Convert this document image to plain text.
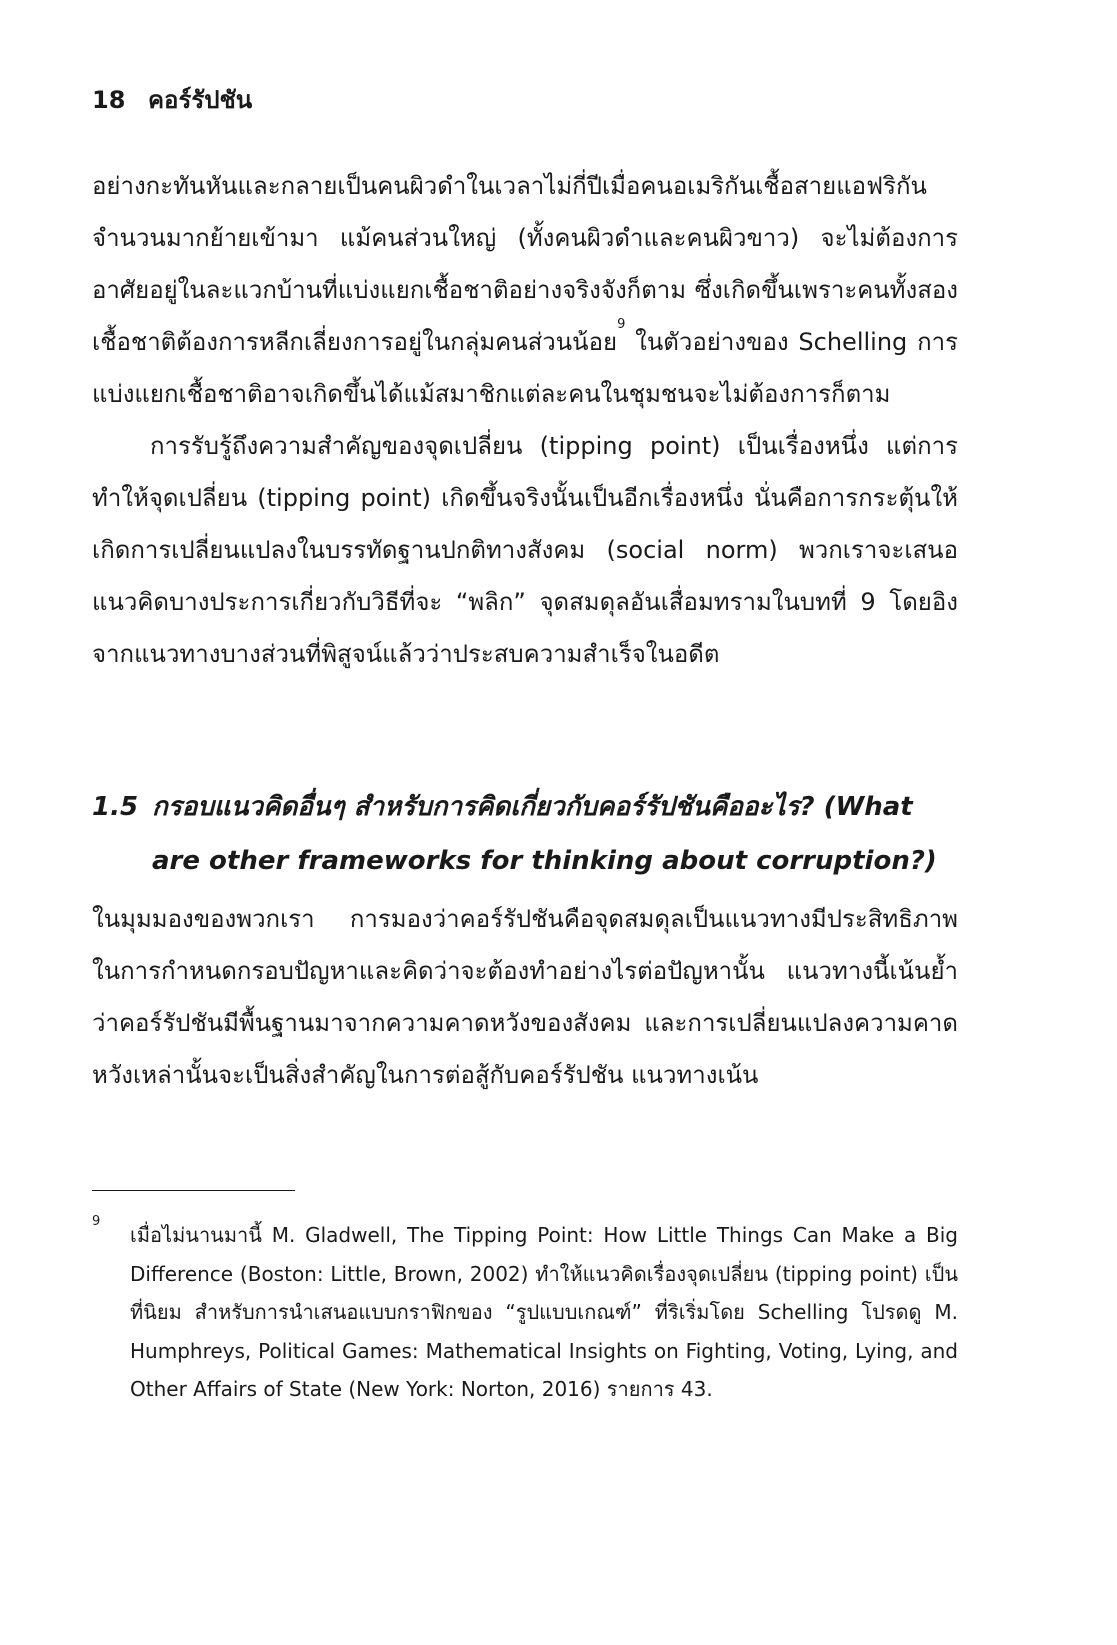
18 คอร์รัปชัน

อย่างกะทันหันและกลายเป็นคนผิวดำในเวลาไม่กี่ปีเมื่อคนอเมริกันเชื้อสายแอฟริกันจำนวนมากย้ายเข้ามา แม้คนส่วนใหญ่ (ทั้งคนผิวดำและคนผิวขาว) จะไม่ต้องการอาศัยอยู่ในละแวกบ้านที่แบ่งแยกเชื้อชาติอย่างจริงจังก็ตาม ซึ่งเกิดขึ้นเพราะคนทั้งสองเชื้อชาติต้องการหลีกเลี่ยงการอยู่ในกลุ่มคนส่วนน้อย$^9$ ในตัวอย่างของ Schelling การแบ่งแยกเชื้อชาติอาจเกิดขึ้นได้แม้สมาชิกแต่ละคนในชุมชนจะไม่ต้องการก็ตาม

การรับรู้ถึงความสำคัญของจุดเปลี่ยน (tipping point) เป็นเรื่องหนึ่ง แต่การทำให้จุดเปลี่ยน (tipping point) เกิดขึ้นจริงนั้นเป็นอีกเรื่องหนึ่ง นั่นคือการกระตุ้นให้เกิดการเปลี่ยนแปลงในบรรทัดฐานปกติทางสังคม (social norm) พวกเราจะเสนอแนวคิดบางประการเกี่ยวกับวิธีที่จะ “พลิก” จุดสมดุลอันเสื่อมทรามในบทที่ 9 โดยอิงจากแนวทางบางส่วนที่พิสูจน์แล้วว่าประสบความสำเร็จในอดีต

1.5 กรอบแนวคิดอื่นๆ สำหรับการคิดเกี่ยวกับคอร์รัปชันคืออะไร? (What are other frameworks for thinking about corruption?)

ในมุมมองของพวกเรา การมองว่าคอร์รัปชันคือจุดสมดุลเป็นแนวทางมีประสิทธิภาพในการกำหนดกรอบปัญหาและคิดว่าจะต้องทำอย่างไรต่อปัญหานั้น แนวทางนี้เน้นย้ำว่าคอร์รัปชันมีพื้นฐานมาจากความคาดหวังของสังคม และการเปลี่ยนแปลงความคาดหวังเหล่านั้นจะเป็นสิ่งสำคัญในการต่อสู้กับคอร์รัปชัน แนวทางเน้น

9
เมื่อไม่นานมานี้ M. Gladwell, The Tipping Point: How Little Things Can Make a Big Difference (Boston: Little, Brown, 2002) ทำให้แนวคิดเรื่องจุดเปลี่ยน (tipping point) เป็นที่นิยม สำหรับการนำเสนอแบบกราฟิกของ “รูปแบบเกณฑ์” ที่ริเริ่มโดย Schelling โปรดดู M. Humphreys, Political Games: Mathematical Insights on Fighting, Voting, Lying, and Other Affairs of State (New York: Norton, 2016) รายการ 43.
